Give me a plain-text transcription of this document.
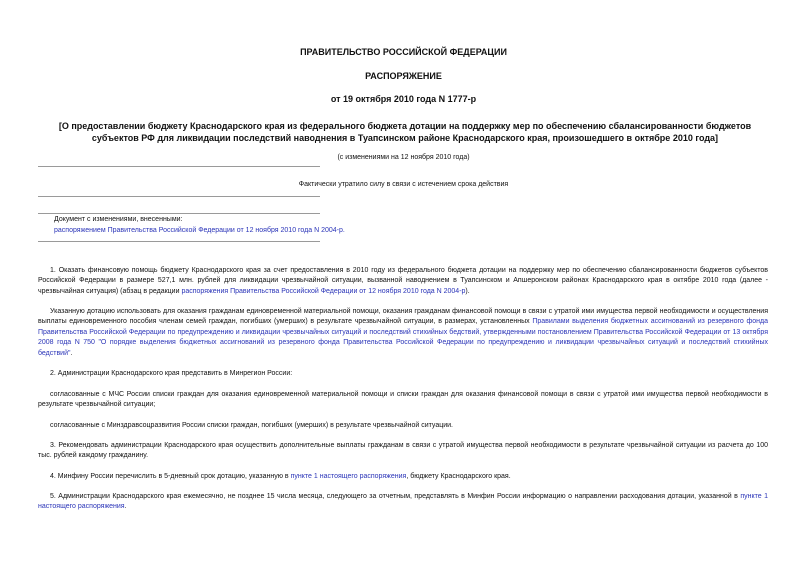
ПРАВИТЕЛЬСТВО РОССИЙСКОЙ ФЕДЕРАЦИИ
РАСПОРЯЖЕНИЕ
от 19 октября 2010 года N 1777-р
[О предоставлении бюджету Краснодарского края из федерального бюджета дотации на поддержку мер по обеспечению сбалансированности бюджетов
субъектов РФ для ликвидации последствий наводнения в Туапсинском районе Краснодарского края, произошедшего в октябре 2010 года]
(с изменениями на 12 ноября 2010 года)
Фактически утратило силу в связи с истечением срока действия
Документ с изменениями, внесенными:
распоряжением Правительства Российской Федерации от 12 ноября 2010 года N 2004-р.
1. Оказать финансовую помощь бюджету Краснодарского края за счет предоставления в 2010 году из федерального бюджета дотации на поддержку мер по обеспечению сбалансированности бюджетов субъектов Российской Федерации в размере 527,1 млн. рублей для ликвидации чрезвычайной ситуации, вызванной наводнением в Туапсинском и Апшеронском районах Краснодарского края в октябре 2010 года (далее - чрезвычайная ситуация) (абзац в редакции распоряжения Правительства Российской Федерации от 12 ноября 2010 года N 2004-р).
Указанную дотацию использовать для оказания гражданам единовременной материальной помощи, оказания гражданам финансовой помощи в связи с утратой ими имущества первой необходимости и осуществления выплаты единовременного пособия членам семей граждан, погибших (умерших) в результате чрезвычайной ситуации, в размерах, установленных Правилами выделения бюджетных ассигнований из резервного фонда Правительства Российской Федерации по предупреждению и ликвидации чрезвычайных ситуаций и последствий стихийных бедствий, утвержденными постановлением Правительства Российской Федерации от 13 октября 2008 года N 750 "О порядке выделения бюджетных ассигнований из резервного фонда Правительства Российской Федерации по предупреждению и ликвидации чрезвычайных ситуаций и последствий стихийных бедствий".
2. Администрации Краснодарского края представить в Минрегион России:
согласованные с МЧС России списки граждан для оказания единовременной материальной помощи и списки граждан для оказания финансовой помощи в связи с утратой ими имущества первой необходимости в результате чрезвычайной ситуации;
согласованные с Минздравсоцразвития России списки граждан, погибших (умерших) в результате чрезвычайной ситуации.
3. Рекомендовать администрации Краснодарского края осуществить дополнительные выплаты гражданам в связи с утратой имущества первой необходимости в результате чрезвычайной ситуации из расчета до 100 тыс. рублей каждому гражданину.
4. Минфину России перечислить в 5-дневный срок дотацию, указанную в пункте 1 настоящего распоряжения, бюджету Краснодарского края.
5. Администрации Краснодарского края ежемесячно, не позднее 15 числа месяца, следующего за отчетным, представлять в Минфин России информацию о направлении расходования дотации, указанной в пункте 1 настоящего распоряжения.
